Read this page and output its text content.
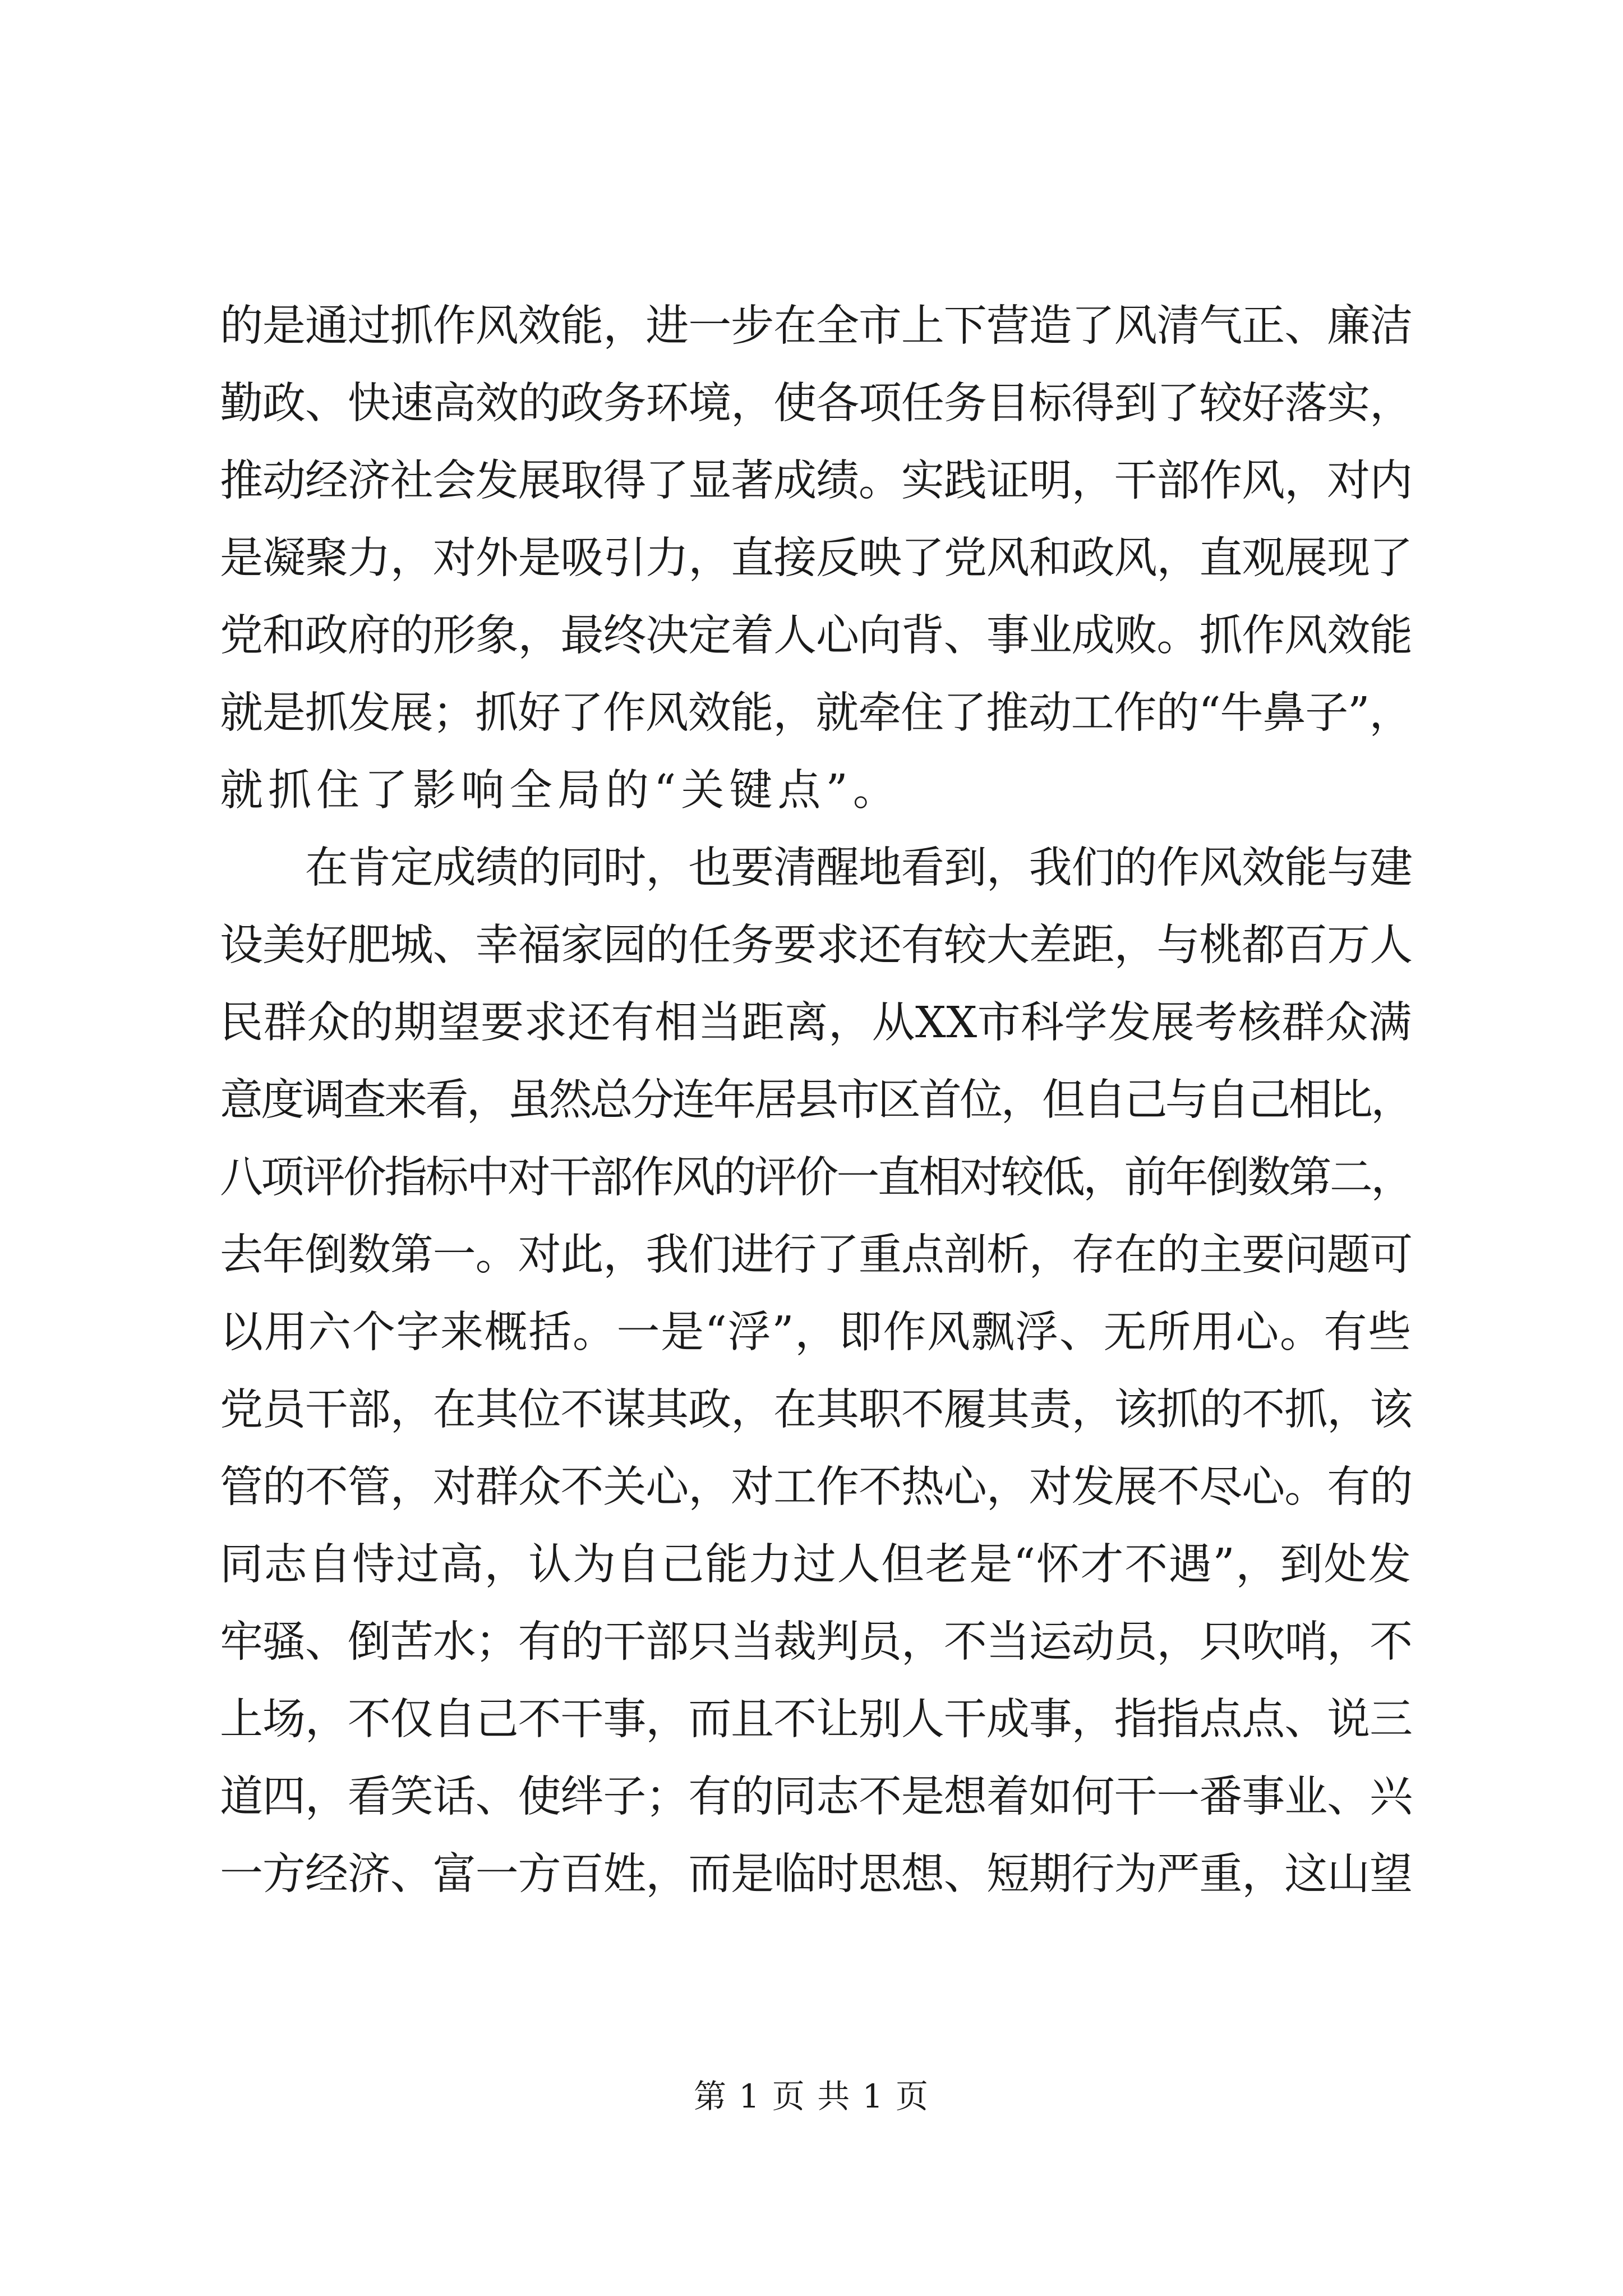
的是通过抓作风效能，进一步在全市上下营造了风清气正、廉洁
勤政、快速高效的政务环境，使各项任务目标得到了较好落实，
推动经济社会发展取得了显著成绩。实践证明，干部作风，对内
是凝聚力，对外是吸引力，直接反映了党风和政风，直观展现了
党和政府的形象，最终决定着人心向背、事业成败。抓作风效能
就是抓发展；抓好了作风效能，就牵住了推动工作的“牛鼻子”，
就抓住了影响全局的“关键点”。
　　在肯定成绩的同时，也要清醒地看到，我们的作风效能与建
设美好肥城、幸福家园的任务要求还有较大差距，与桃都百万人
民群众的期望要求还有相当距离，从XX市科学发展考核群众满
意度调查来看，虽然总分连年居县市区首位，但自己与自己相比，
八项评价指标中对干部作风的评价一直相对较低，前年倒数第二，
去年倒数第一。对此，我们进行了重点剖析，存在的主要问题可
以用六个字来概括。一是“浮”，即作风飘浮、无所用心。有些
党员干部，在其位不谋其政，在其职不履其责，该抓的不抓，该
管的不管，对群众不关心，对工作不热心，对发展不尽心。有的
同志自恃过高，认为自己能力过人但老是“怀才不遇”，到处发
牢骚、倒苦水；有的干部只当裁判员，不当运动员，只吹哨，不
上场，不仅自己不干事，而且不让别人干成事，指指点点、说三
道四，看笑话、使绊子；有的同志不是想着如何干一番事业、兴
一方经济、富一方百姓，而是临时思想、短期行为严重，这山望
第 1 页 共 1 页
